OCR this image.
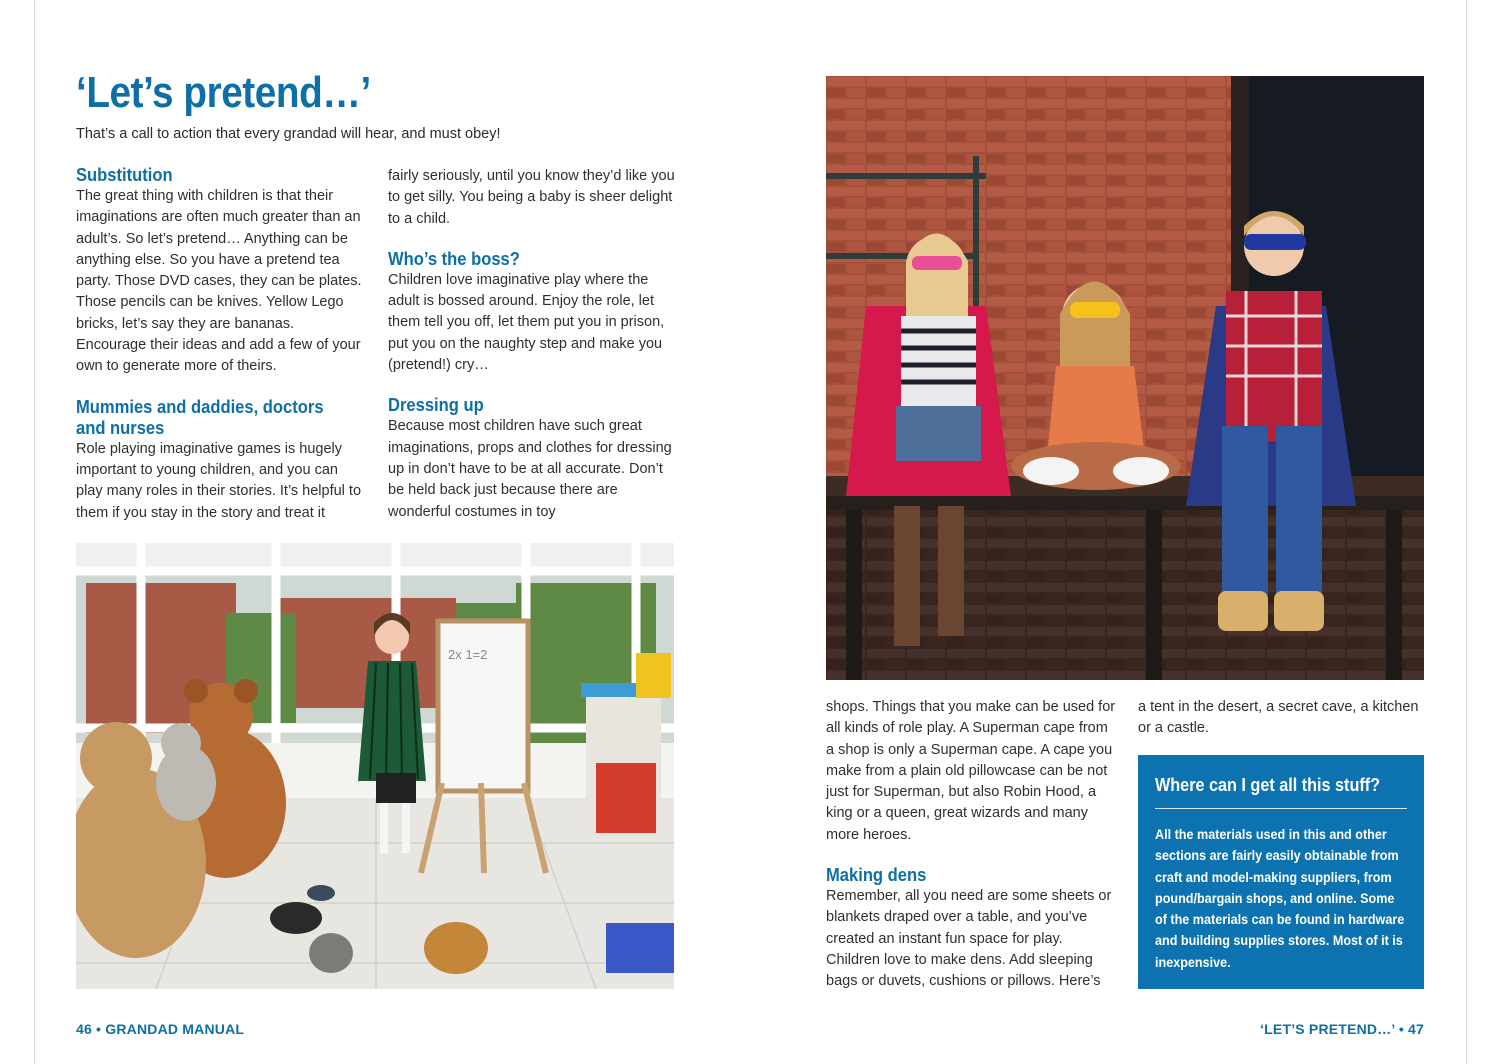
‘Let’s pretend…’
That’s a call to action that every grandad will hear, and must obey!
Substitution

The great thing with children is that their imaginations are often much greater than an adult’s. So let’s pretend… Anything can be anything else. So you have a pretend tea party. Those DVD cases, they can be plates. Those pencils can be knives. Yellow Lego bricks, let’s say they are bananas. Encourage their ideas and add a few of your own to generate more of theirs.

Mummies and daddies, doctors and nurses

Role playing imaginative games is hugely important to young children, and you can play many roles in their stories. It’s helpful to them if you stay in the story and treat it

fairly seriously, until you know they’d like you to get silly. You being a baby is sheer delight to a child.

Who’s the boss?

Children love imaginative play where the adult is bossed around. Enjoy the role, let them tell you off, let them put you in prison, put you on the naughty step and make you (pretend!) cry…

Dressing up

Because most children have such great imaginations, props and clothes for dressing up in don’t have to be at all accurate. Don’t be held back just because there are wonderful costumes in toy

2x 1=2

shops. Things that you make can be used for all kinds of role play. A Superman cape from a shop is only a Superman cape. A cape you make from a plain old pillowcase can be not just for Superman, but also Robin Hood, a king or a queen, great wizards and many more heroes.

Making dens

Remember, all you need are some sheets or blankets draped over a table, and you’ve created an instant fun space for play. Children love to make dens. Add sleeping bags or duvets, cushions or pillows. Here’s

a tent in the desert, a secret cave, a kitchen or a castle.

Where can I get all this stuff?

All the materials used in this and other sections are fairly easily obtainable from craft and model-making suppliers, from pound/bargain shops, and online. Some of the materials can be found in hardware and building supplies stores. Most of it is inexpensive.

46 • GRANDAD MANUAL	‘LET’S PRETEND…’ • 47
